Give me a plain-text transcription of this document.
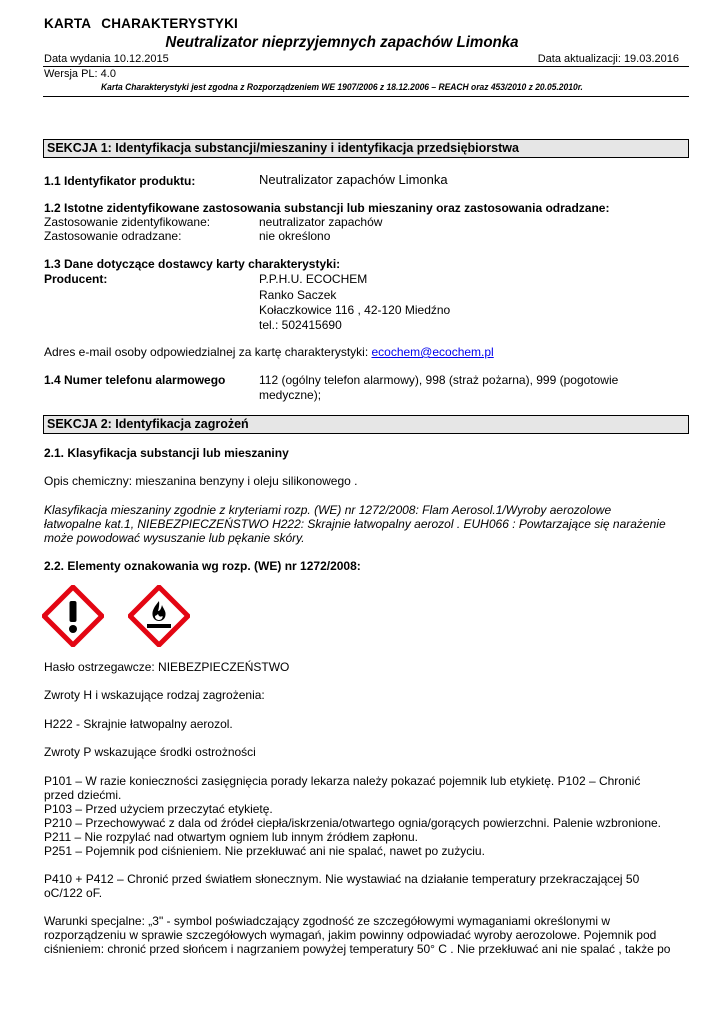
KARTA CHARAKTERYSTYKI
Neutralizator nieprzyjemnych zapachów Limonka
Data wydania 10.12.2015	Data aktualizacji: 19.03.2016
Wersja PL: 4.0
Karta Charakterystyki jest zgodna z Rozporządzeniem WE 1907/2006 z 18.12.2006 – REACH oraz 453/2010 z 20.05.2010r.
SEKCJA 1: Identyfikacja substancji/mieszaniny i identyfikacja przedsiębiorstwa
1.1 Identyfikator produktu:	Neutralizator zapachów Limonka
1.2 Istotne zidentyfikowane zastosowania substancji lub mieszaniny oraz zastosowania odradzane:
Zastosowanie zidentyfikowane:	neutralizator zapachów
Zastosowanie odradzane:	nie określono
1.3 Dane dotyczące dostawcy karty charakterystyki:
Producent:	P.P.H.U. ECOCHEM
Ranko Saczek
Kołaczkowice 116 , 42-120 Miedźno
tel.: 502415690
Adres e-mail osoby odpowiedzialnej za kartę charakterystyki: ecochem@ecochem.pl
1.4 Numer telefonu alarmowego	112 (ogólny telefon alarmowy), 998 (straż pożarna), 999 (pogotowie
medyczne);
SEKCJA 2: Identyfikacja zagrożeń
2.1. Klasyfikacja substancji lub mieszaniny
Opis chemiczny: mieszanina benzyny i oleju silikonowego .
Klasyfikacja mieszaniny zgodnie z kryteriami rozp. (WE) nr 1272/2008: Flam Aerosol.1/Wyroby aerozolowe
łatwopalne kat.1, NIEBEZPIECZEŃSTWO H222: Skrajnie łatwopalny aerozol . EUH066 : Powtarzające się narażenie
może powodować wysuszanie lub pękanie skóry.
2.2. Elementy oznakowania wg rozp. (WE) nr 1272/2008:
Hasło ostrzegawcze: NIEBEZPIECZEŃSTWO
Zwroty H i wskazujące rodzaj zagrożenia:
H222 - Skrajnie łatwopalny aerozol.
Zwroty P wskazujące środki ostrożności
P101 – W razie konieczności zasięgnięcia porady lekarza należy pokazać pojemnik lub etykietę. P102 – Chronić
przed dziećmi.
P103 – Przed użyciem przeczytać etykietę.
P210 – Przechowywać z dala od źródeł ciepła/iskrzenia/otwartego ognia/gorących powierzchni. Palenie wzbronione.
P211 – Nie rozpylać nad otwartym ogniem lub innym źródłem zapłonu.
P251 – Pojemnik pod ciśnieniem. Nie przekłuwać ani nie spalać, nawet po zużyciu.
P410 + P412 – Chronić przed światłem słonecznym. Nie wystawiać na działanie temperatury przekraczającej 50
oC/122 oF.
Warunki specjalne: „3" - symbol poświadczający zgodność ze szczegółowymi wymaganiami określonymi w
rozporządzeniu w sprawie szczegółowych wymagań, jakim powinny odpowiadać wyroby aerozolowe. Pojemnik pod
ciśnieniem: chronić przed słońcem i nagrzaniem powyżej temperatury 50° C . Nie przekłuwać ani nie spalać , także po
